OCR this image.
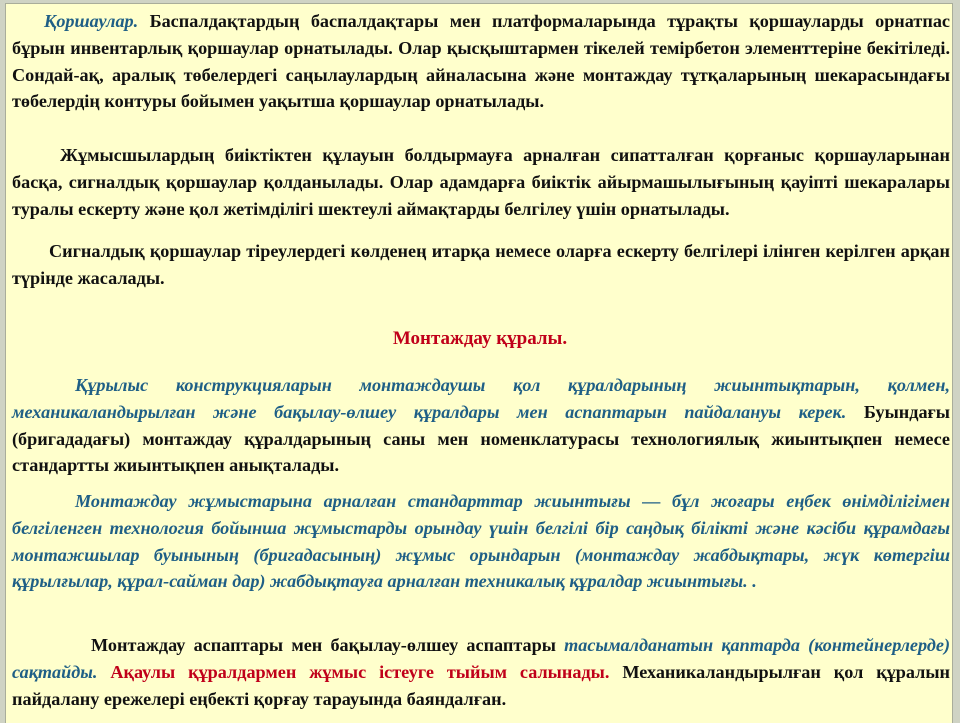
Қоршаулар. Баспалдақтардың баспалдақтары мен платформаларында тұрақты қоршауларды орнатпас бұрын инвентарлық қоршаулар орнатылады. Олар қысқыштармен тікелей темірбетон элементтеріне бекітіледі. Сондай-ақ, аралық төбелердегі саңылаулардың айналасына және монтаждау тұтқаларының шекарасындағы төбелердің контуры бойымен уақытша қоршаулар орнатылады.

Жұмысшылардың биіктіктен құлауын болдырмауға арналған сипатталған қорғаныс қоршауларынан басқа, сигналдық қоршаулар қолданылады. Олар адамдарға биіктік айырмашылығының қауіпті шекаралары туралы ескерту және қол жетімділігі шектеулі аймақтарды белгілеу үшін орнатылады.

Сигналдық қоршаулар тіреулердегі көлденең итарқа немесе оларға ескерту белгілері ілінген керілген арқан түрінде жасалады.

Монтаждау құралы.

Құрылыс конструкцияларын монтаждаушы қол құралдарының жиынтықтарын, қолмен, механикаландырылған және бақылау-өлшеу құралдары мен аспаптарын пайдалануы керек. Буындағы (бригададағы) монтаждау құралдарының саны мен номенклатурасы технологиялық жиынтықпен немесе стандартты жиынтықпен анықталады.

Монтаждау жұмыстарына арналған стандарттар жиынтығы — бұл жоғары еңбек өнімділігімен белгіленген технология бойынша жұмыстарды орындау үшін белгілі бір саңдық білікті және кәсіби құрамдағы монтажшылар буынының (бригадасының) жұмыс орындарын (монтаждау жабдықтары, жүк көтергіш құрылғылар, құрал-сайман дар) жабдықтауға арналған техникалық құралдар жиынтығы. .

Монтаждау аспаптары мен бақылау-өлшеу аспаптары тасымалданатын қаптарда (контейнерлерде) сақтайды. Ақаулы құралдармен жұмыс істеуге тыйым салынады. Механикаландырылған қол құралын пайдалану ережелері еңбекті қорғау тарауында баяндалған.
